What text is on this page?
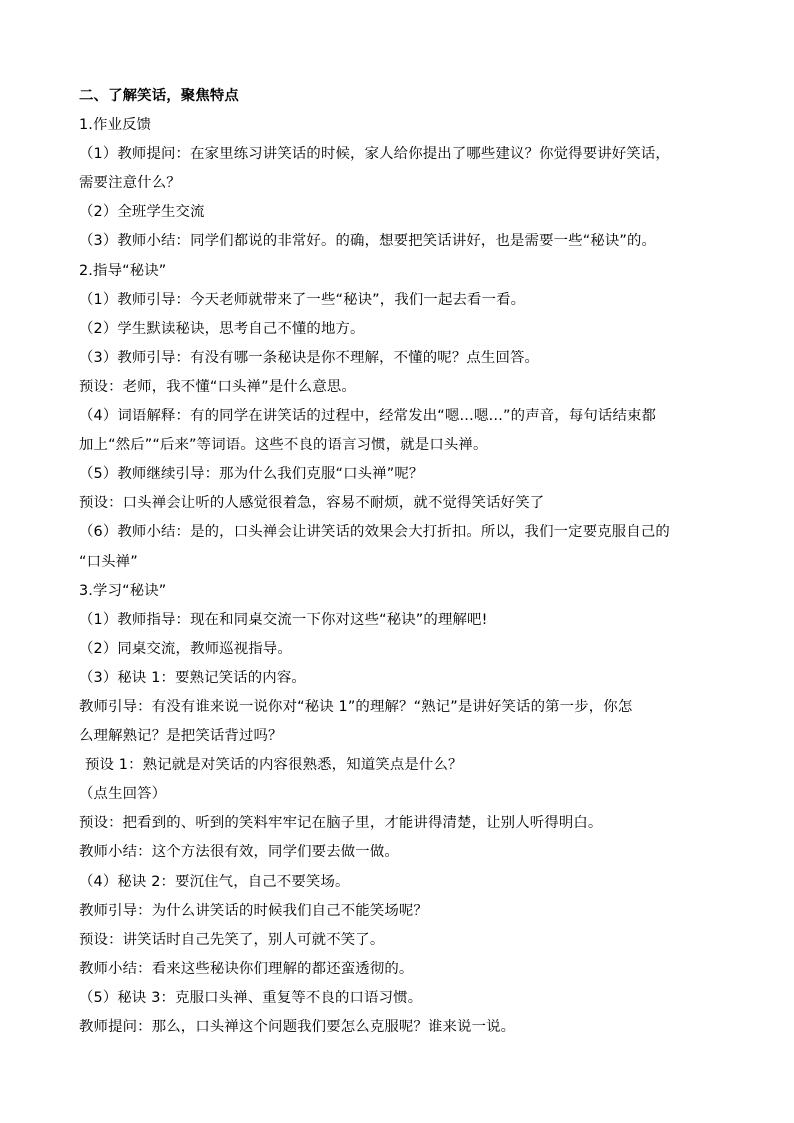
二、了解笑话，聚焦特点
1.作业反馈
（1）教师提问：在家里练习讲笑话的时候，家人给你提出了哪些建议？你觉得要讲好笑话，
需要注意什么？
（2）全班学生交流
（3）教师小结：同学们都说的非常好。的确，想要把笑话讲好，也是需要一些“秘诀”的。
2.指导“秘诀”
（1）教师引导：今天老师就带来了一些“秘诀”，我们一起去看一看。
（2）学生默读秘诀，思考自己不懂的地方。
（3）教师引导：有没有哪一条秘诀是你不理解，不懂的呢？点生回答。
预设：老师，我不懂“口头禅”是什么意思。
（4）词语解释：有的同学在讲笑话的过程中，经常发出“嗯…嗯…”的声音，每句话结束都
加上“然后”“后来”等词语。这些不良的语言习惯，就是口头禅。
（5）教师继续引导：那为什么我们克服“口头禅”呢？
预设：口头禅会让听的人感觉很着急，容易不耐烦，就不觉得笑话好笑了
（6）教师小结：是的，口头禅会让讲笑话的效果会大打折扣。所以，我们一定要克服自己的
“口头禅”
3.学习“秘诀”
（1）教师指导：现在和同桌交流一下你对这些“秘诀”的理解吧!
（2）同桌交流，教师巡视指导。
（3）秘诀 1：要熟记笑话的内容。
教师引导：有没有谁来说一说你对“秘诀 1”的理解？“熟记”是讲好笑话的第一步，你怎
么理解熟记？是把笑话背过吗？
预设 1：熟记就是对笑话的内容很熟悉，知道笑点是什么？
（点生回答）
预设：把看到的、听到的笑料牢牢记在脑子里，才能讲得清楚，让别人听得明白。
教师小结：这个方法很有效，同学们要去做一做。
（4）秘诀 2：要沉住气，自己不要笑场。
教师引导：为什么讲笑话的时候我们自己不能笑场呢？
预设：讲笑话时自己先笑了，别人可就不笑了。
教师小结：看来这些秘诀你们理解的都还蛮透彻的。
（5）秘诀 3：克服口头禅、重复等不良的口语习惯。
教师提问：那么，口头禅这个问题我们要怎么克服呢？谁来说一说。
